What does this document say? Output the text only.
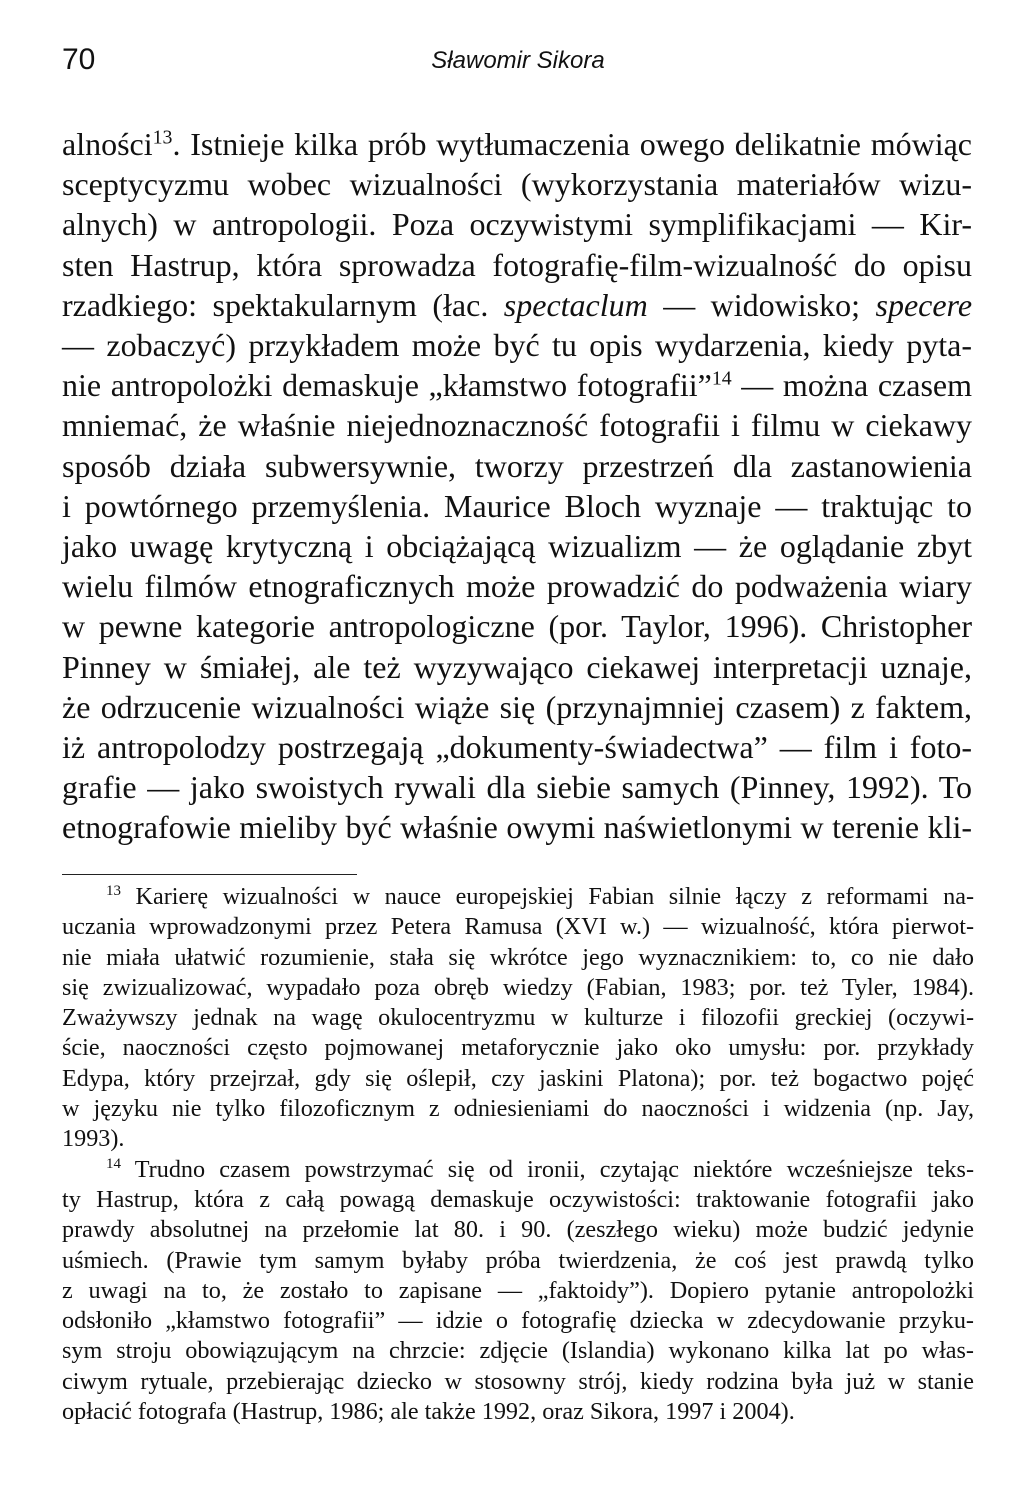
70	Sławomir Sikora
alności$^{13}$. Istnieje kilka prób wytłumaczenia owego delikatnie mówiąc
sceptycyzmu wobec wizualności (wykorzystania materiałów wizu-
alnych) w antropologii. Poza oczywistymi symplifikacjami — Kir-
sten Hastrup, która sprowadza fotografię-film-wizualność do opisu
rzadkiego: spektakularnym (łac. spectaclum — widowisko; specere
— zobaczyć) przykładem może być tu opis wydarzenia, kiedy pyta-
nie antropolożki demaskuje „kłamstwo fotografii”$^{14}$ — można czasem
mniemać, że właśnie niejednoznaczność fotografii i filmu w ciekawy
sposób działa subwersywnie, tworzy przestrzeń dla zastanowienia
i powtórnego przemyślenia. Maurice Bloch wyznaje — traktując to
jako uwagę krytyczną i obciążającą wizualizm — że oglądanie zbyt
wielu filmów etnograficznych może prowadzić do podważenia wiary
w pewne kategorie antropologiczne (por. Taylor, 1996). Christopher
Pinney w śmiałej, ale też wyzywająco ciekawej interpretacji uznaje,
że odrzucenie wizualności wiąże się (przynajmniej czasem) z faktem,
iż antropolodzy postrzegają „dokumenty-świadectwa” — film i foto-
grafie — jako swoistych rywali dla siebie samych (Pinney, 1992). To
etnografowie mieliby być właśnie owymi naświetlonymi w terenie kli-
$^{13}$ Karierę wizualności w nauce europejskiej Fabian silnie łączy z reformami na-
uczania wprowadzonymi przez Petera Ramusa (XVI w.) — wizualność, która pierwot-
nie miała ułatwić rozumienie, stała się wkrótce jego wyznacznikiem: to, co nie dało
się zwizualizować, wypadało poza obręb wiedzy (Fabian, 1983; por. też Tyler, 1984).
Zważywszy jednak na wagę okulocentryzmu w kulturze i filozofii greckiej (oczywi-
ście, naoczności często pojmowanej metaforycznie jako oko umysłu: por. przykłady
Edypa, który przejrzał, gdy się oślepił, czy jaskini Platona); por. też bogactwo pojęć
w języku nie tylko filozoficznym z odniesieniami do naoczności i widzenia (np. Jay,
1993).
$^{14}$ Trudno czasem powstrzymać się od ironii, czytając niektóre wcześniejsze teks-
ty Hastrup, która z całą powagą demaskuje oczywistości: traktowanie fotografii jako
prawdy absolutnej na przełomie lat 80. i 90. (zeszłego wieku) może budzić jedynie
uśmiech. (Prawie tym samym byłaby próba twierdzenia, że coś jest prawdą tylko
z uwagi na to, że zostało to zapisane — „faktoidy”). Dopiero pytanie antropolożki
odsłoniło „kłamstwo fotografii” — idzie o fotografię dziecka w zdecydowanie przyku-
sym stroju obowiązującym na chrzcie: zdjęcie (Islandia) wykonano kilka lat po włas-
ciwym rytuale, przebierając dziecko w stosowny strój, kiedy rodzina była już w stanie
opłacić fotografa (Hastrup, 1986; ale także 1992, oraz Sikora, 1997 i 2004).
